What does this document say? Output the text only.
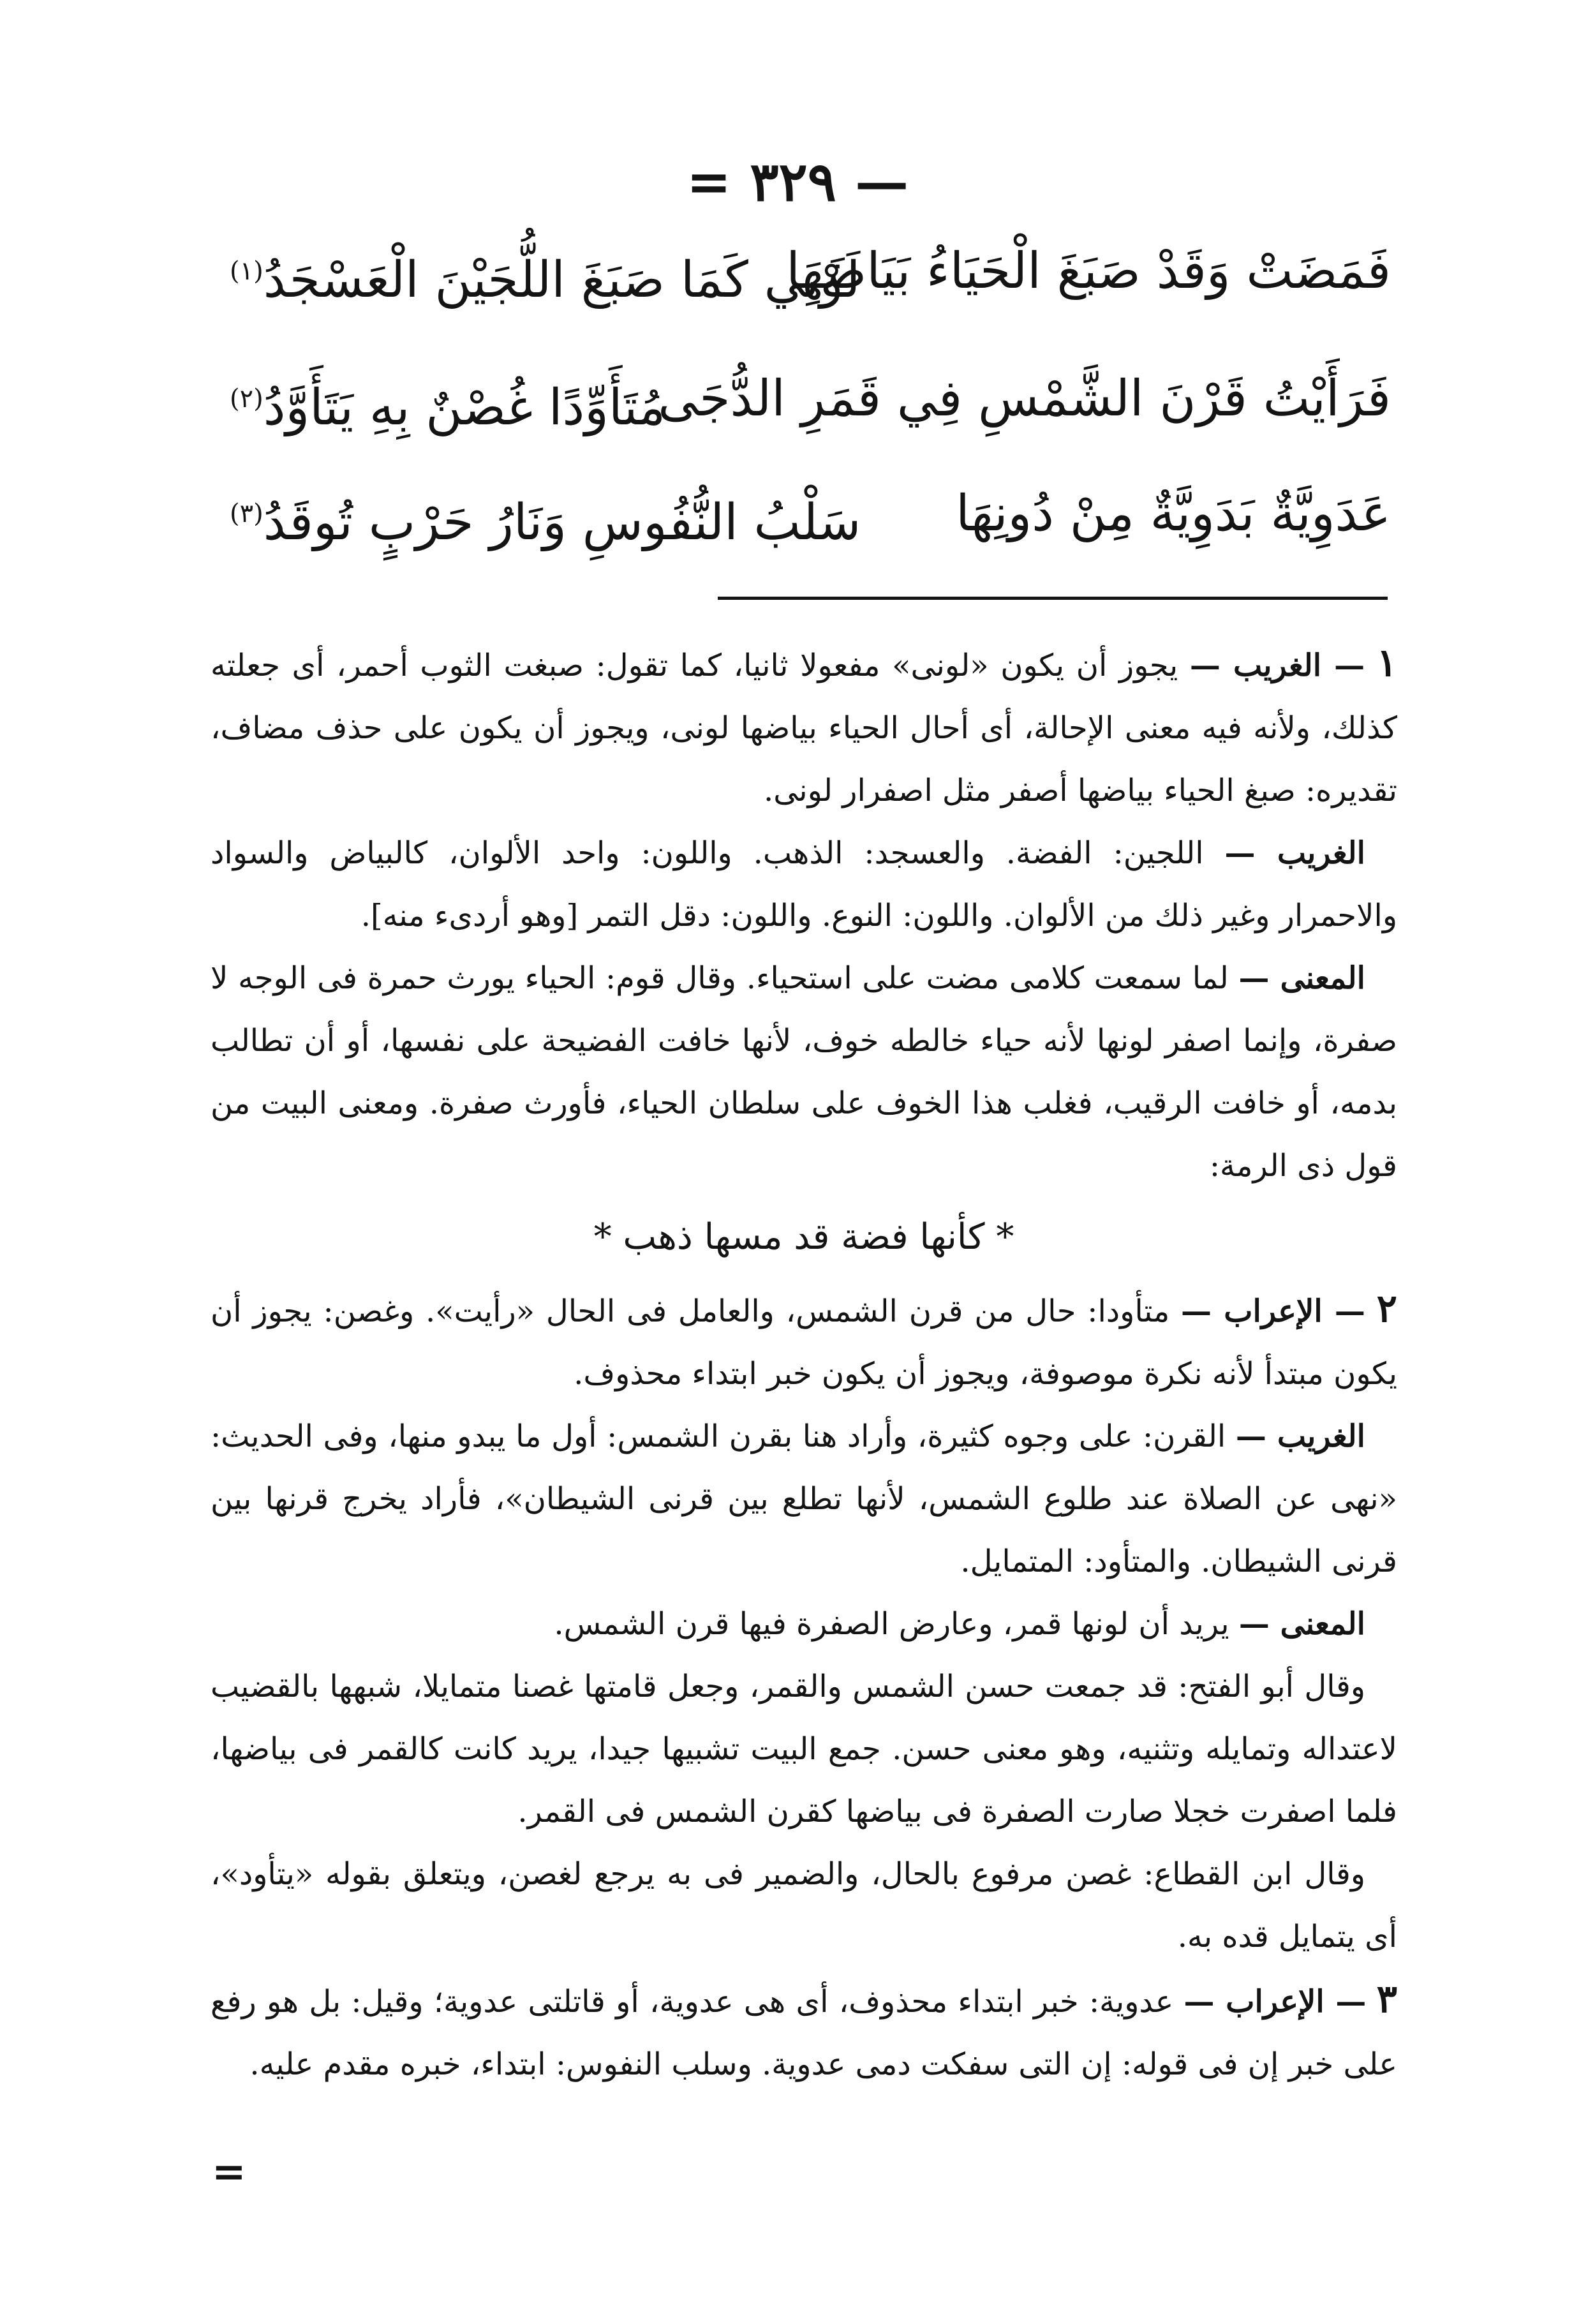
— ٣٢٩ =
فَمَضَتْ وَقَدْ صَبَغَ الْحَيَاءُ بَيَاضَهَا
لَوْنِي كَمَا صَبَغَ اللُّجَيْنَ الْعَسْجَدُ$^{(١)}$
فَرَأَيْتُ قَرْنَ الشَّمْسِ فِي قَمَرِ الدُّجَى
مُتَأَوِّدًا غُصْنٌ بِهِ يَتَأَوَّدُ$^{(٢)}$
عَدَوِيَّةٌ بَدَوِيَّةٌ مِنْ دُونِهَا
سَلْبُ النُّفُوسِ وَنَارُ حَرْبٍ تُوقَدُ$^{(٣)}$

١ — الغريب — يجوز أن يكون «لونى» مفعولا ثانيا، كما تقول: صبغت الثوب أحمر، أى جعلته كذلك، ولأنه فيه معنى الإحالة، أى أحال الحياء بياضها لونى، ويجوز أن يكون على حذف مضاف، تقديره: صبغ الحياء بياضها أصفر مثل اصفرار لونى.

الغريب — اللجين: الفضة. والعسجد: الذهب. واللون: واحد الألوان، كالبياض والسواد والاحمرار وغير ذلك من الألوان. واللون: النوع. واللون: دقل التمر [وهو أردىء منه].

المعنى — لما سمعت كلامى مضت على استحياء. وقال قوم: الحياء يورث حمرة فى الوجه لا صفرة، وإنما اصفر لونها لأنه حياء خالطه خوف، لأنها خافت الفضيحة على نفسها، أو أن تطالب بدمه، أو خافت الرقيب، فغلب هذا الخوف على سلطان الحياء، فأورث صفرة. ومعنى البيت من قول ذى الرمة:

* كأنها فضة قد مسها ذهب *

٢ — الإعراب — متأودا: حال من قرن الشمس، والعامل فى الحال «رأيت». وغصن: يجوز أن يكون مبتدأ لأنه نكرة موصوفة، ويجوز أن يكون خبر ابتداء محذوف.

الغريب — القرن: على وجوه كثيرة، وأراد هنا بقرن الشمس: أول ما يبدو منها، وفى الحديث: «نهى عن الصلاة عند طلوع الشمس، لأنها تطلع بين قرنى الشيطان»، فأراد يخرج قرنها بين قرنى الشيطان. والمتأود: المتمايل.

المعنى — يريد أن لونها قمر، وعارض الصفرة فيها قرن الشمس.

وقال أبو الفتح: قد جمعت حسن الشمس والقمر، وجعل قامتها غصنا متمايلا، شبهها بالقضيب لاعتداله وتمايله وتثنيه، وهو معنى حسن. جمع البيت تشبيها جيدا، يريد كانت كالقمر فى بياضها، فلما اصفرت خجلا صارت الصفرة فى بياضها كقرن الشمس فى القمر.

وقال ابن القطاع: غصن مرفوع بالحال، والضمير فى به يرجع لغصن، ويتعلق بقوله «يتأود»، أى يتمايل قده به.

٣ — الإعراب — عدوية: خبر ابتداء محذوف، أى هى عدوية، أو قاتلتى عدوية؛ وقيل: بل هو رفع على خبر إن فى قوله: إن التى سفكت دمى عدوية. وسلب النفوس: ابتداء، خبره مقدم عليه.

=
